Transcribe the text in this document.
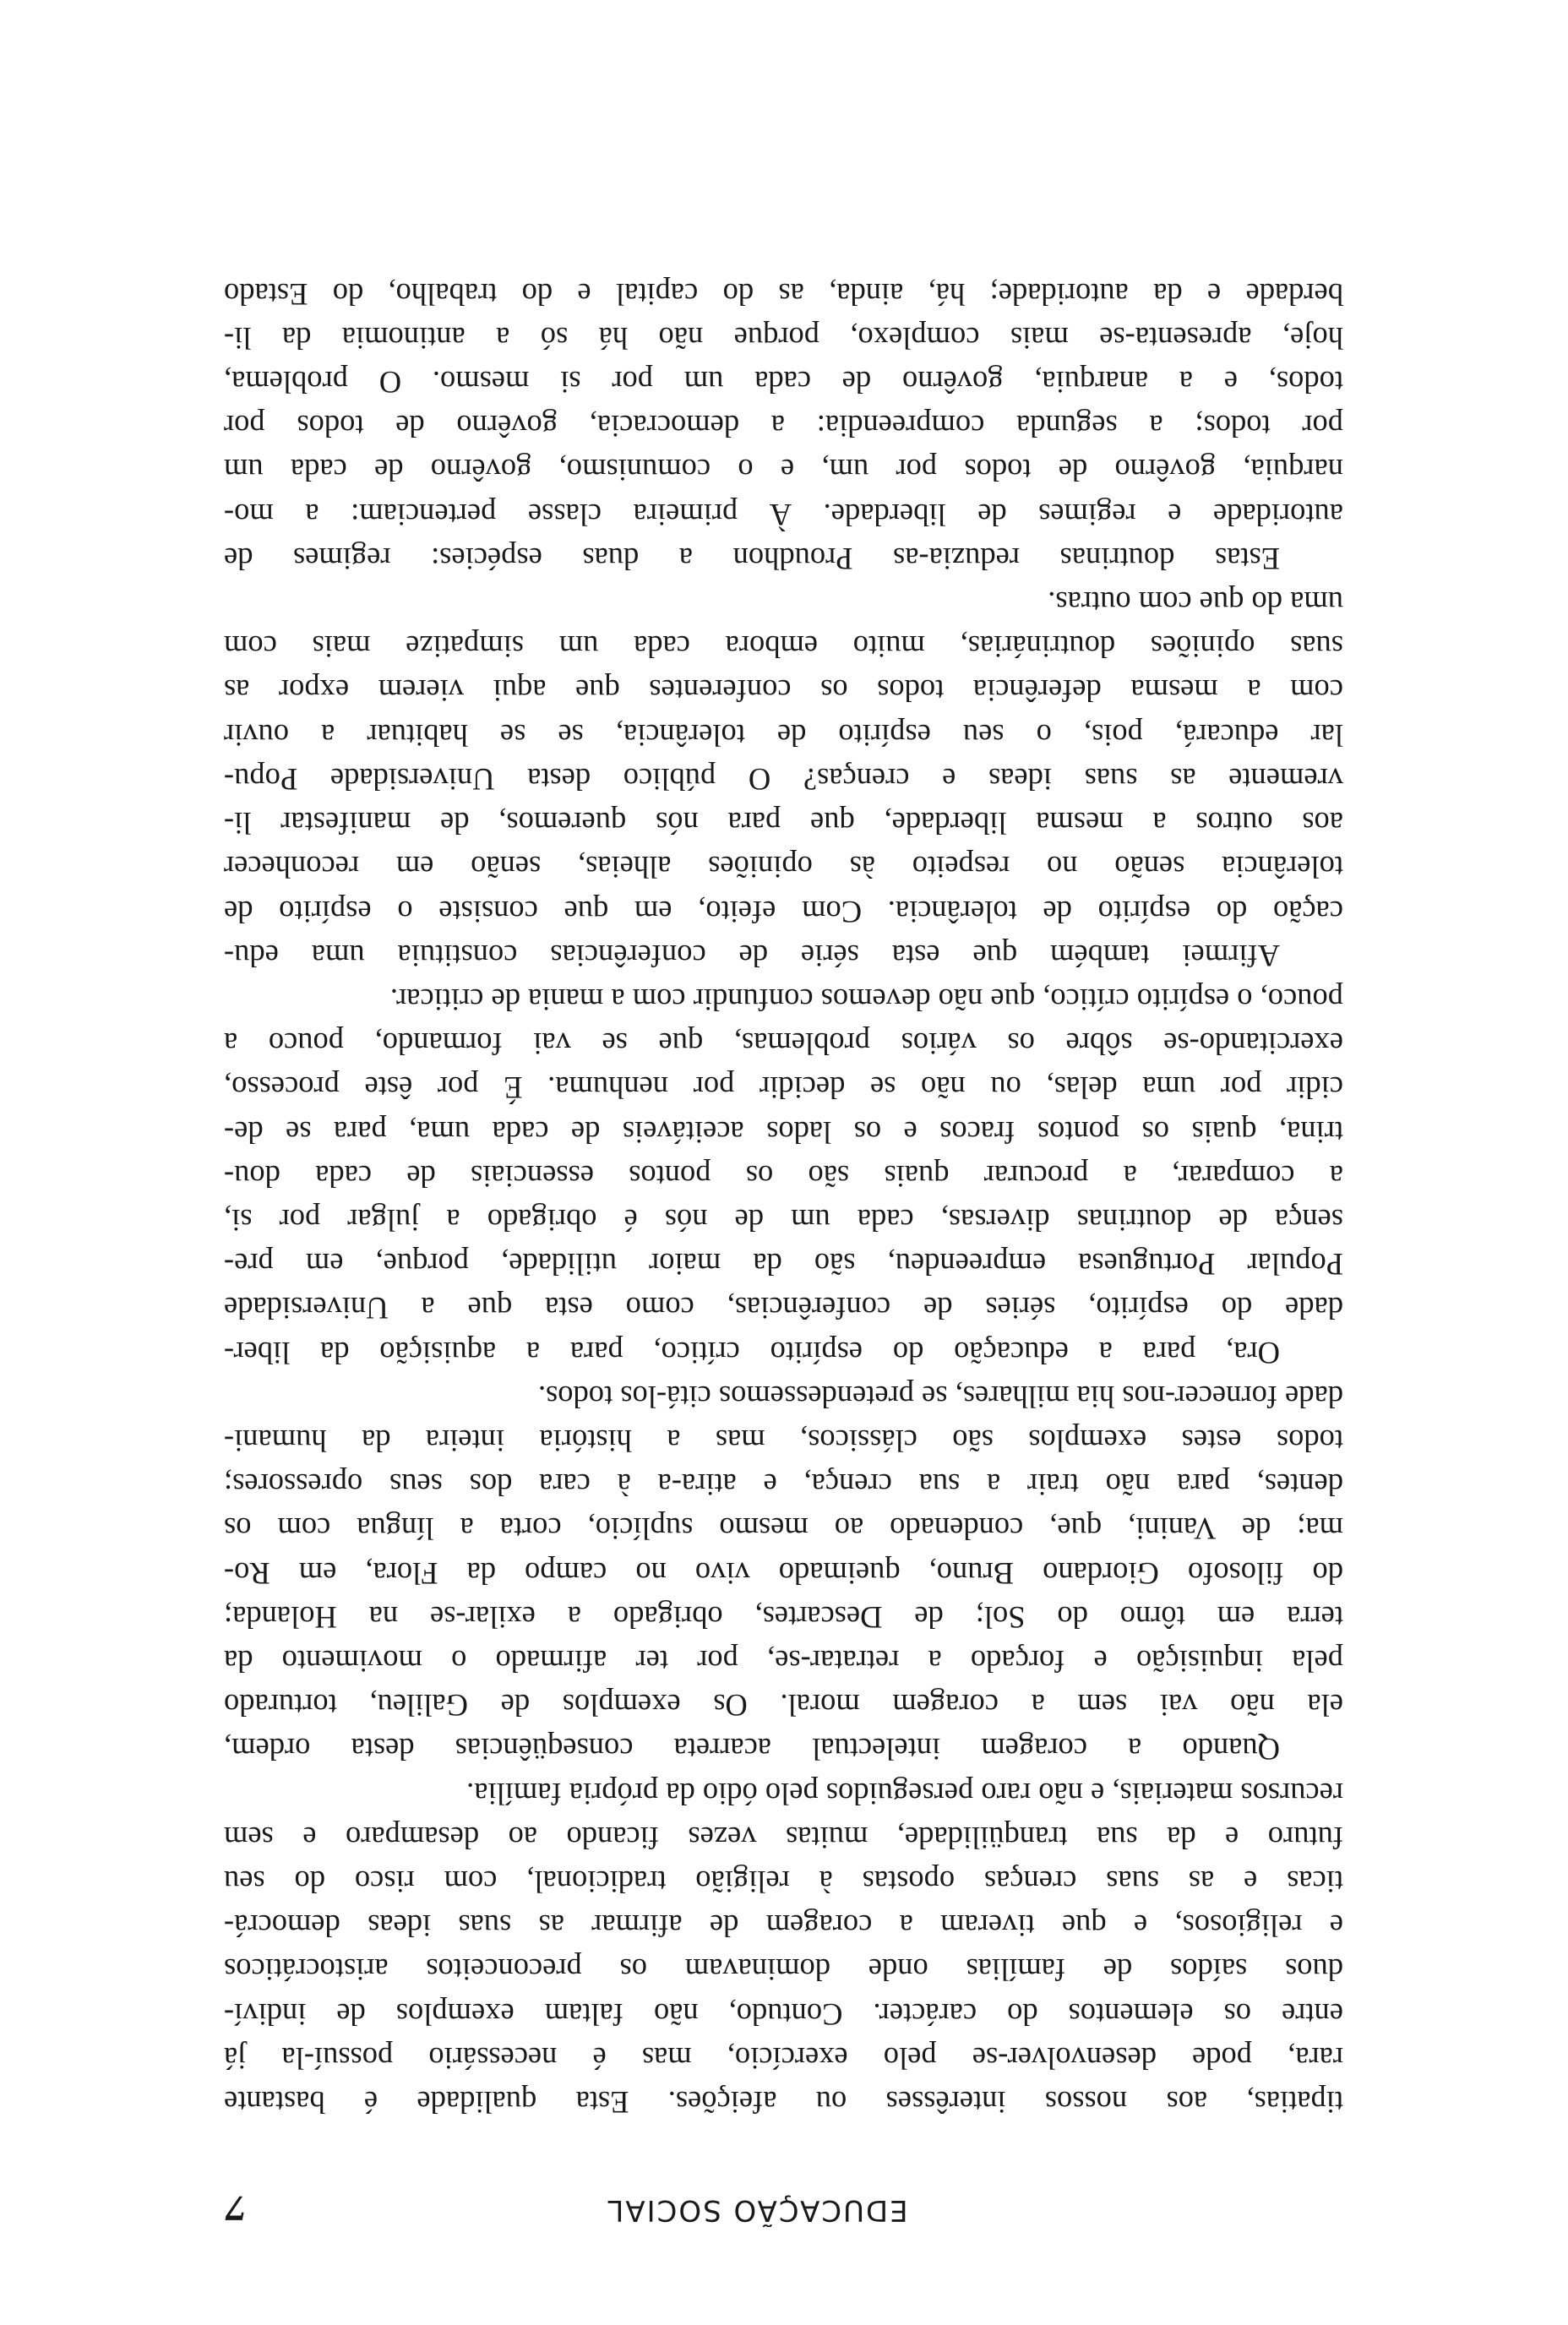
EDUCAÇÃO SOCIAL
7
tipatias, aos nossos interêsses ou afeições. Esta qualidade é bastante
rara, pode desenvolver-se pelo exercício, mas é necessário possuí-la já
entre os elementos do carácter. Contudo, não faltam exemplos de indiví-
duos saídos de famílias onde dominavam os preconceitos aristocráticos
e religiosos, e que tiveram a coragem de afirmar as suas ideas democrá-
ticas e as suas crenças opostas à religião tradicional, com risco do seu
futuro e da sua tranqüilidade, muitas vezes ficando ao desamparo e sem
recursos materiais, e não raro perseguidos pelo ódio da própria família.
Quando a coragem intelectual acarreta conseqüências desta ordem,
ela não vai sem a coragem moral. Os exemplos de Galileu, torturado
pela inquisição e forçado a retratar-se, por ter afirmado o movimento da
terra em tôrno do Sol; de Descartes, obrigado a exilar-se na Holanda;
do filosofo Giordano Bruno, queimado vivo no campo da Flora, em Ro-
ma; de Vanini, que, condenado ao mesmo suplício, corta a língua com os
dentes, para não trair a sua crença, e atira-a à cara dos seus opressores;
todos estes exemplos são clássicos, mas a história inteira da humani-
dade fornecer-nos hia milhares, se pretendessemos citá-los todos.
Ora, para a educação do espírito crítico, para a aquisição da liber-
dade do espírito, séries de conferências, como esta que a Universidade
Popular Portuguesa empreendeu, são da maior utilidade, porque, em pre-
sença de doutrinas diversas, cada um de nós é obrigado a julgar por si,
a comparar, a procurar quais são os pontos essenciais de cada dou-
trina, quais os pontos fracos e os lados aceitáveis de cada uma, para se de-
cidir por uma delas, ou não se decidir por nenhuma. É por êste processo,
exercitando-se sôbre os vários problemas, que se vai formando, pouco a
pouco, o espírito crítico, que não devemos confundir com a mania de criticar.
Afirmei também que esta série de conferências constituia uma edu-
cação do espírito de tolerância. Com efeito, em que consiste o espírito de
tolerância senão no respeito às opiniões alheias, senão em reconhecer
aos outros a mesma liberdade, que para nós queremos, de manifestar li-
vremente as suas ideas e crenças? O público desta Universidade Popu-
lar educará, pois, o seu espírito de tolerância, se se habituar a ouvir
com a mesma deferência todos os conferentes que aqui vierem expor as
suas opiniões doutrinárias, muito embora cada um simpatize mais com
uma do que com outras.
Estas doutrinas reduzia-as Proudhon a duas espécies: regimes de
autoridade e regimes de liberdade. À primeira classe pertenciam: a mo-
narquia, govêrno de todos por um, e o comunismo, govêrno de cada um
por todos; a segunda compreendia: a democracia, govêrno de todos por
todos, e a anarquia, govêrno de cada um por si mesmo. O problema,
hoje, apresenta-se mais complexo, porque não há só a antinomia da li-
berdade e da autoridade; há, ainda, as do capital e do trabalho, do Estado
